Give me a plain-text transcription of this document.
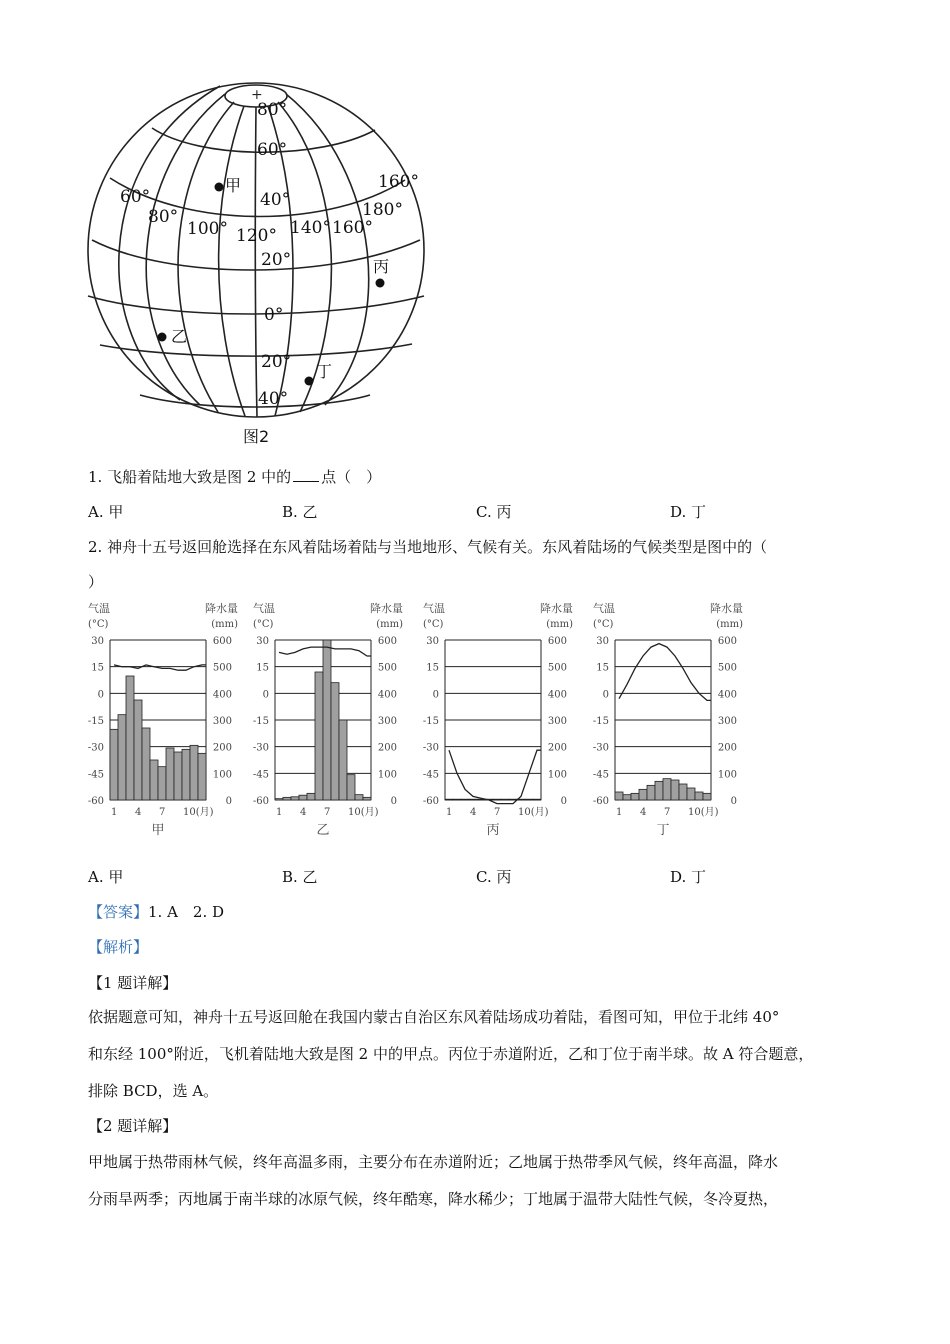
+
80°
60°
40°
20°
0°
20°
40°
60°
80°
100° 120° 140° 160°
180°
160°
甲
乙
丙
丁
图2
1. 飞船着陆地大致是图 2 中的 点（　）
A. 甲	B. 乙	C. 丙	D. 丁
2. 神舟十五号返回舱选择在东风着陆场着陆与当地地形、气候有关。东风着陆场的气候类型是图中的（
）
气温
(°C)
降水量
(mm)
-60	0
-45	100
-30	200
-15	300
0	400
15	500
30	600
1 4 7 10(月)
甲
气温
(°C)
降水量
(mm)
-60	0
-45	100
-30	200
-15	300
0	400
15	500
30	600
1 4 7 10(月)
乙
气温
(°C)
降水量
(mm)
-60	0
-45	100
-30	200
-15	300
0	400
15	500
30	600
1 4 7 10(月)
丙
气温
(°C)
降水量
(mm)
-60	0
-45	100
-30	200
-15	300
0	400
15	500
30	600
1 4 7 10(月)
丁
A. 甲	B. 乙	C. 丙	D. 丁
【答案】1. A　2. D
【解析】
【1 题详解】
依据题意可知，神舟十五号返回舱在我国内蒙古自治区东风着陆场成功着陆，看图可知，甲位于北纬 40°
和东经 100°附近，飞机着陆地大致是图 2 中的甲点。丙位于赤道附近，乙和丁位于南半球。故 A 符合题意，
排除 BCD，选 A。
【2 题详解】
甲地属于热带雨林气候，终年高温多雨，主要分布在赤道附近；乙地属于热带季风气候，终年高温，降水
分雨旱两季；丙地属于南半球的冰原气候，终年酷寒，降水稀少；丁地属于温带大陆性气候，冬冷夏热，
